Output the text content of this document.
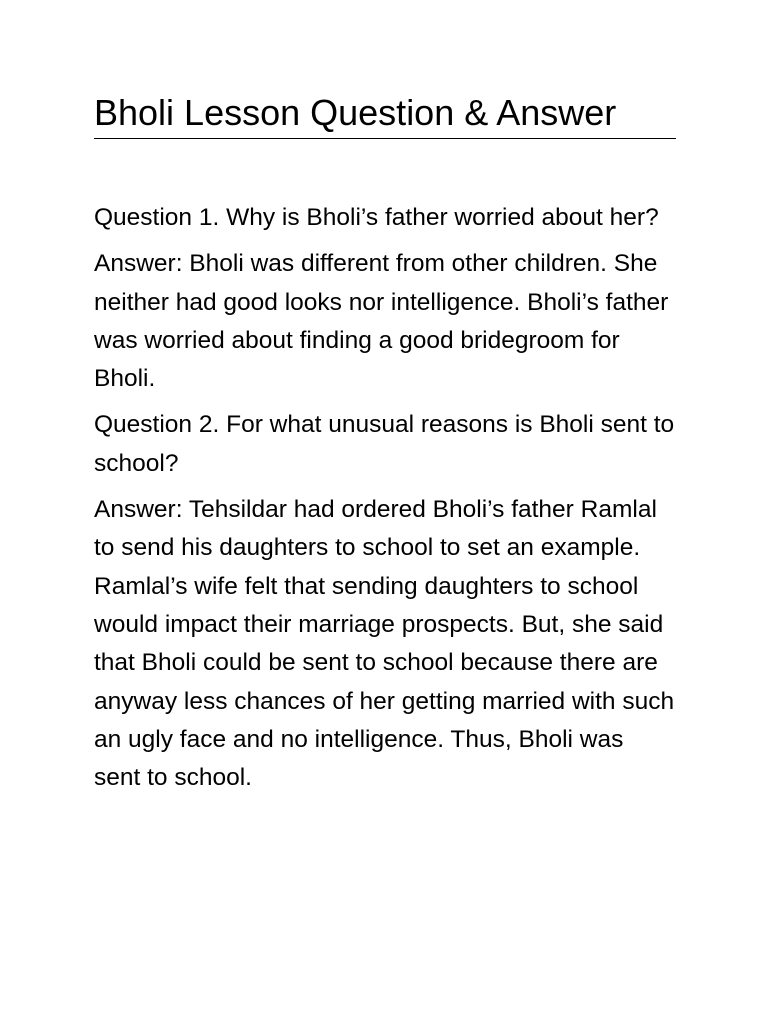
Bholi Lesson Question & Answer

Question 1. Why is Bholi’s father worried about her?

Answer: Bholi was different from other children. She neither had good looks nor intelligence. Bholi’s father was worried about finding a good bridegroom for Bholi.

Question 2. For what unusual reasons is Bholi sent to school?

Answer: Tehsildar had ordered Bholi’s father Ramlal to send his daughters to school to set an example. Ramlal’s wife felt that sending daughters to school would impact their marriage prospects. But, she said that Bholi could be sent to school because there are anyway less chances of her getting married with such an ugly face and no intelligence. Thus, Bholi was sent to school.
